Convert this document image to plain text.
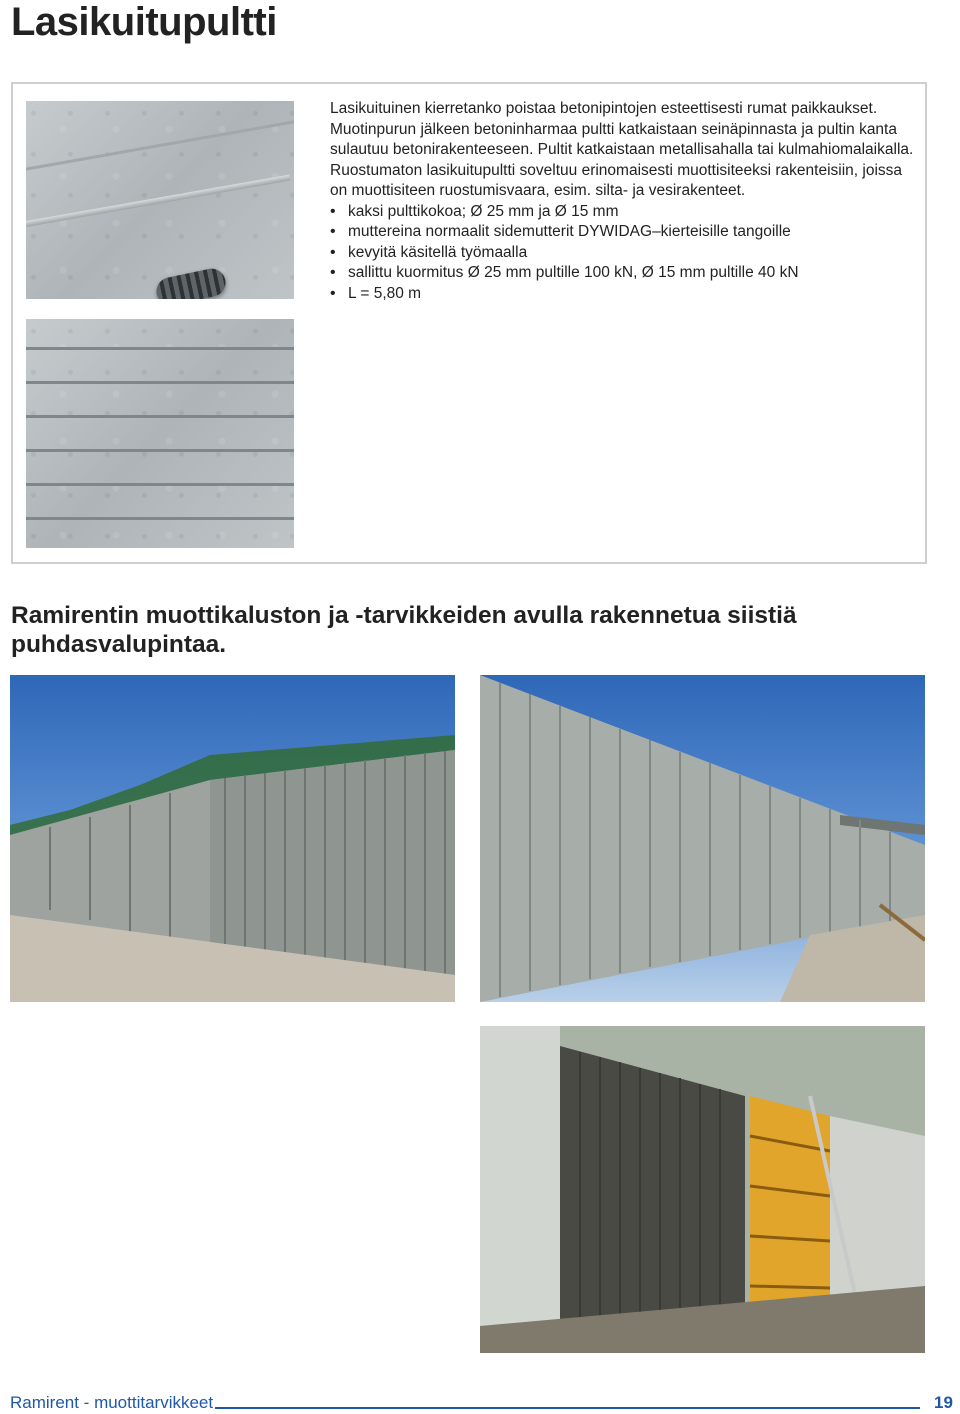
Lasikuitupultti

Lasikuituinen kierretanko poistaa betonipintojen esteettisesti rumat paikkaukset. Muotinpurun jälkeen betoninharmaa pultti katkaistaan seinäpinnasta ja pultin kanta sulautuu betonirakenteeseen. Pultit katkaistaan metallisahalla tai kulmahiomalaikalla.

Ruostumaton lasikuitupultti soveltuu erinomaisesti muottisiteeksi rakenteisiin, joissa on muottisiteen ruostumisvaara, esim. silta- ja vesirakenteet.

• kaksi pulttikokoa; Ø 25 mm ja Ø 15 mm
• muttereina normaalit sidemutterit DYWIDAG–kierteisille tangoille
• kevyitä käsitellä työmaalla
• sallittu kuormitus Ø 25 mm pultille 100 kN, Ø 15 mm pultille 40 kN
• L = 5,80 m
Ramirentin muottikaluston ja -tarvikkeiden avulla rakennetua siistiä puhdasvalupintaa.
Ramirent - muottitarvikkeet	19
